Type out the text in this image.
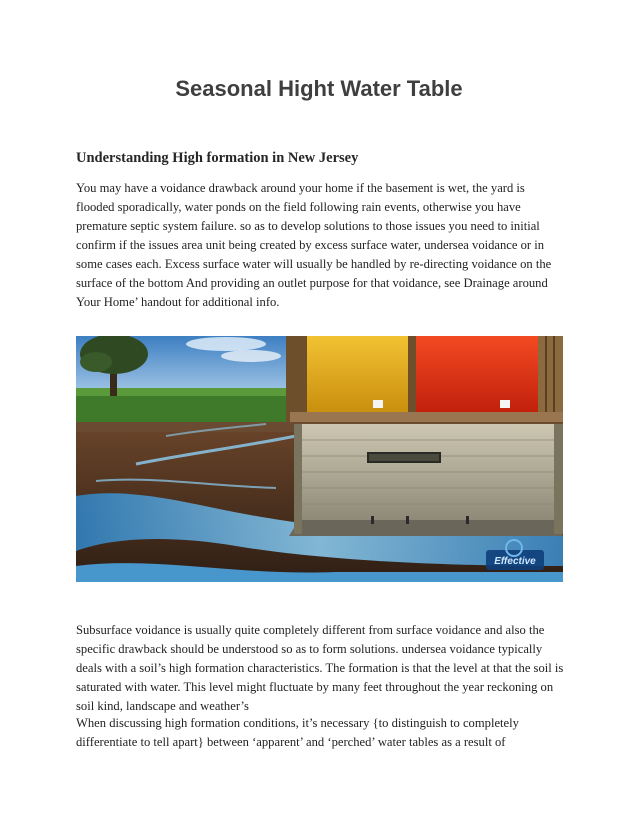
Seasonal Hight Water Table
Understanding High formation in New Jersey

You may have a voidance drawback around your home if the basement is wet, the yard is flooded sporadically, water ponds on the field following rain events, otherwise you have premature septic system failure. so as to develop solutions to those issues you need to initial confirm if the issues area unit being created by excess surface water, undersea voidance or in some cases each. Excess surface water will usually be handled by re-directing voidance on the surface of the bottom And providing an outlet purpose for that voidance, see Drainage around Your Home’ handout for additional info.

Effective

Subsurface voidance is usually quite completely different from surface voidance and also the specific drawback should be understood so as to form solutions. undersea voidance typically deals with a soil’s high formation characteristics. The formation is that the level at that the soil is saturated with water. This level might fluctuate by many feet throughout the year reckoning on soil kind, landscape and weather’s

When discussing high formation conditions, it’s necessary {to distinguish to completely differentiate to tell apart} between ‘apparent’ and ‘perched’ water tables as a result of
